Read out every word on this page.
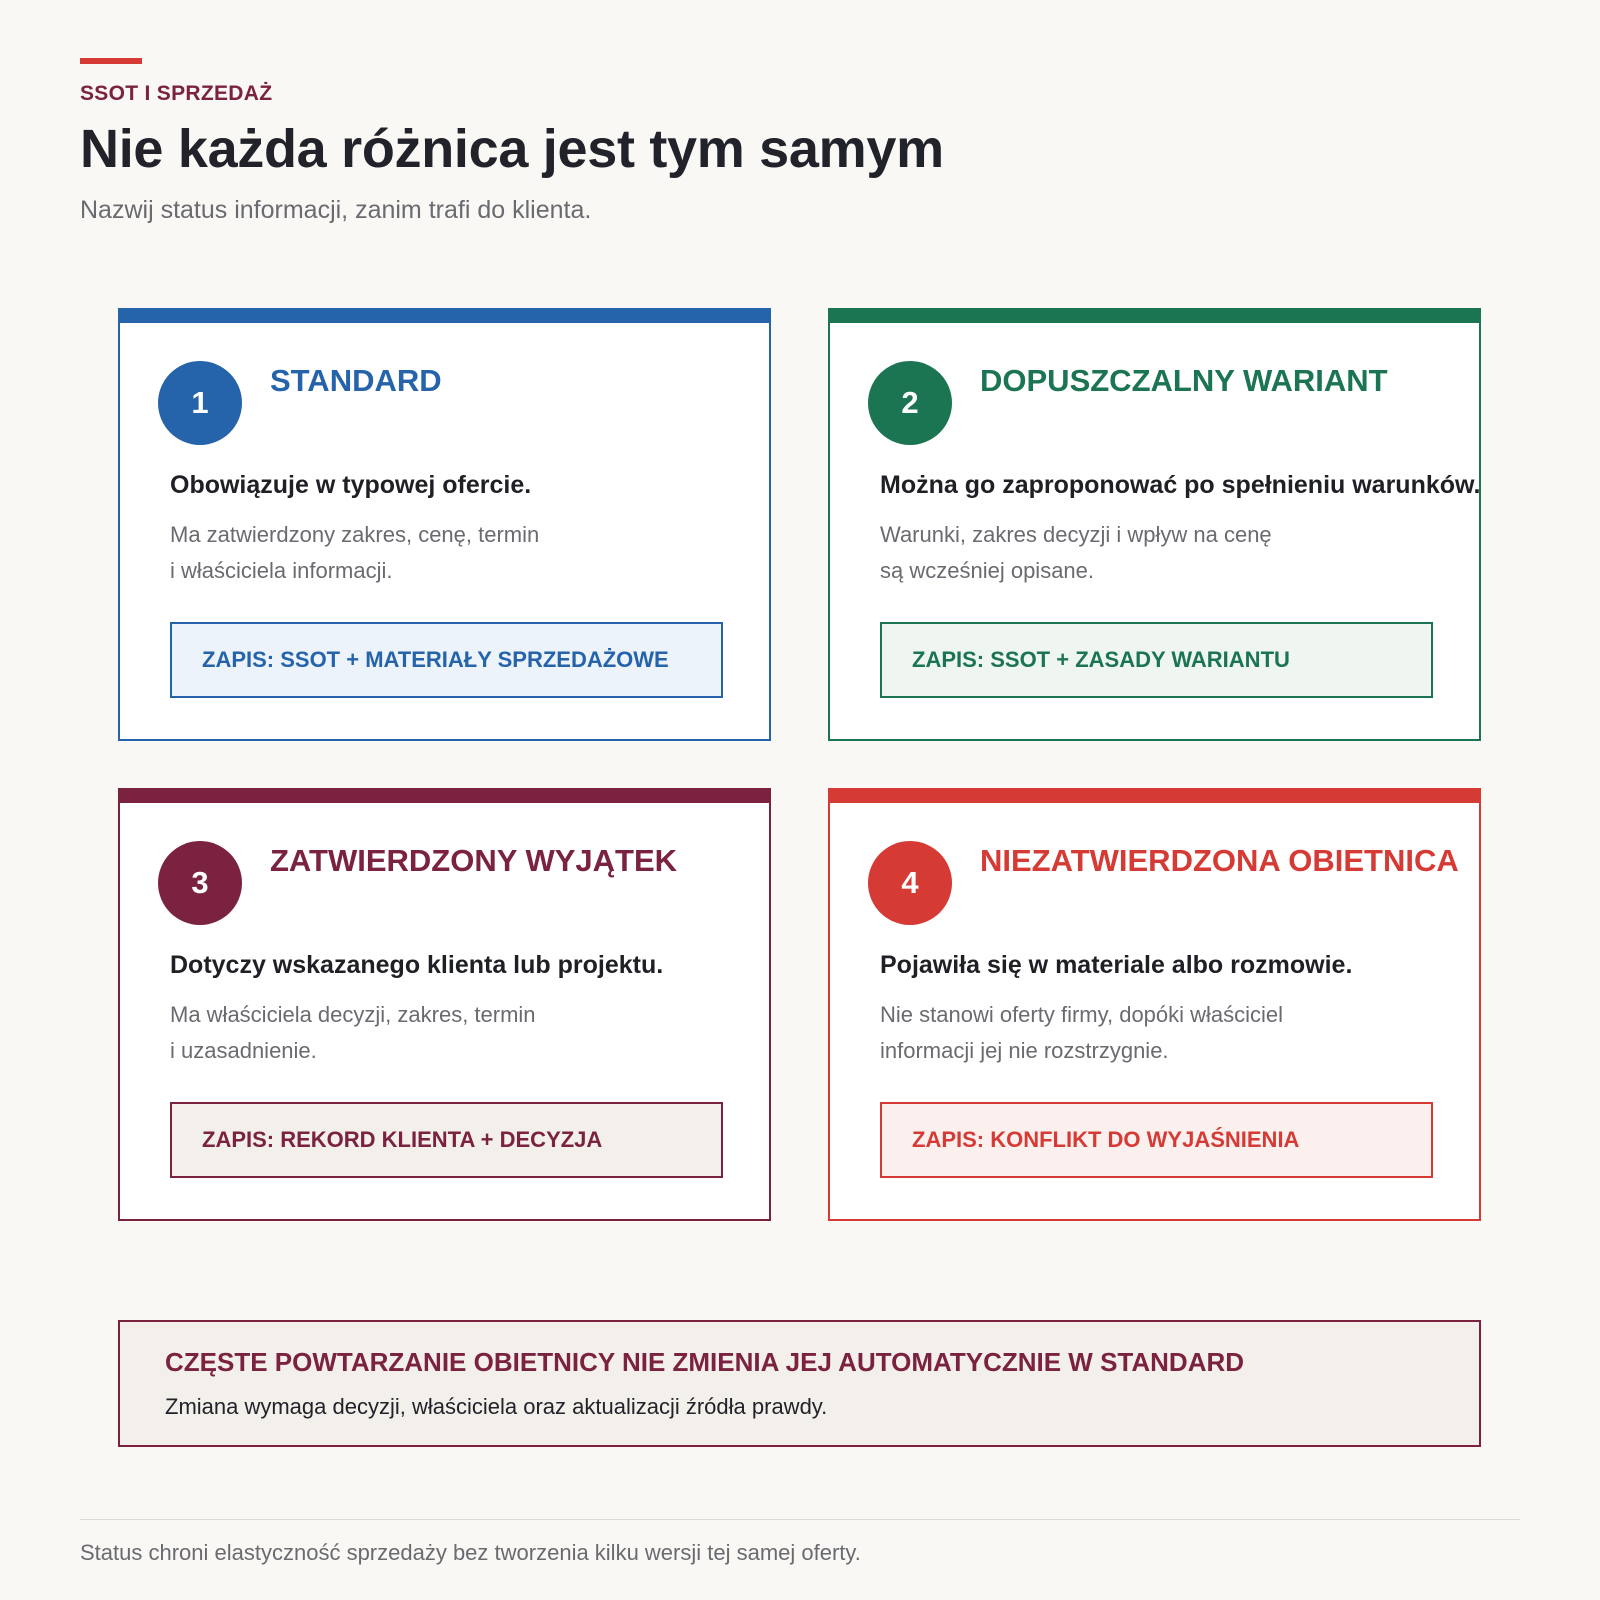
SSOT I SPRZEDAŻ
Nie każda różnica jest tym samym
Nazwij status informacji, zanim trafi do klienta.
1
STANDARD
Obowiązuje w typowej ofercie.
Ma zatwierdzony zakres, cenę, termin
i właściciela informacji.
ZAPIS: SSOT + MATERIAŁY SPRZEDAŻOWE
2
DOPUSZCZALNY WARIANT
Można go zaproponować po spełnieniu warunków.
Warunki, zakres decyzji i wpływ na cenę
są wcześniej opisane.
ZAPIS: SSOT + ZASADY WARIANTU
3
ZATWIERDZONY WYJĄTEK
Dotyczy wskazanego klienta lub projektu.
Ma właściciela decyzji, zakres, termin
i uzasadnienie.
ZAPIS: REKORD KLIENTA + DECYZJA
4
NIEZATWIERDZONA OBIETNICA
Pojawiła się w materiale albo rozmowie.
Nie stanowi oferty firmy, dopóki właściciel
informacji jej nie rozstrzygnie.
ZAPIS: KONFLIKT DO WYJAŚNIENIA
CZĘSTE POWTARZANIE OBIETNICY NIE ZMIENIA JEJ AUTOMATYCZNIE W STANDARD
Zmiana wymaga decyzji, właściciela oraz aktualizacji źródła prawdy.
Status chroni elastyczność sprzedaży bez tworzenia kilku wersji tej samej oferty.
